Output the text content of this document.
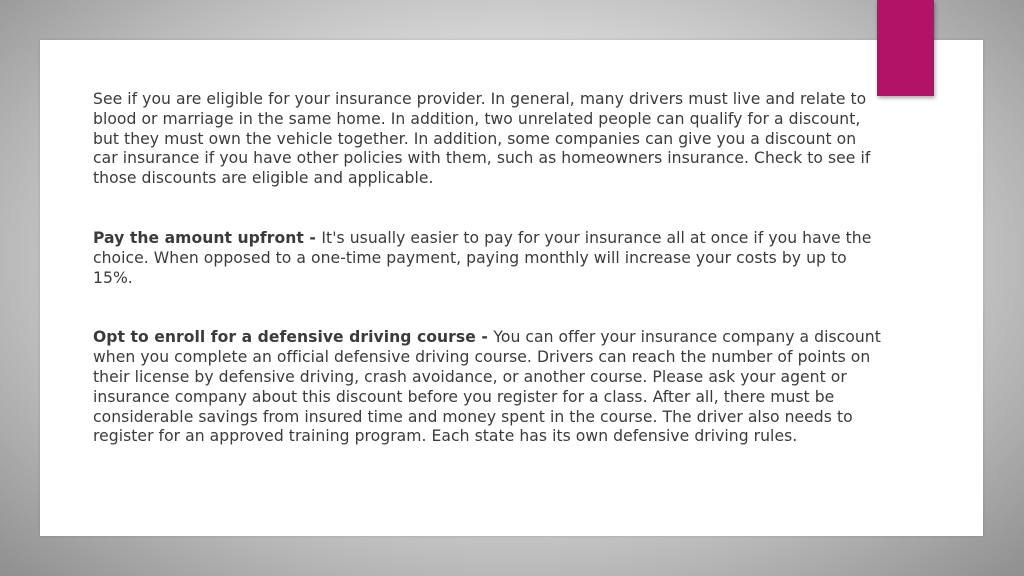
See if you are eligible for your insurance provider. In general, many drivers must live and relate to blood or marriage in the same home. In addition, two unrelated people can qualify for a discount, but they must own the vehicle together. In addition, some companies can give you a discount on car insurance if you have other policies with them, such as homeowners insurance. Check to see if those discounts are eligible and applicable.

Pay the amount upfront - It's usually easier to pay for your insurance all at once if you have the choice. When opposed to a one-time payment, paying monthly will increase your costs by up to 15%.

Opt to enroll for a defensive driving course - You can offer your insurance company a discount when you complete an official defensive driving course. Drivers can reach the number of points on their license by defensive driving, crash avoidance, or another course. Please ask your agent or insurance company about this discount before you register for a class. After all, there must be considerable savings from insured time and money spent in the course. The driver also needs to register for an approved training program. Each state has its own defensive driving rules.
